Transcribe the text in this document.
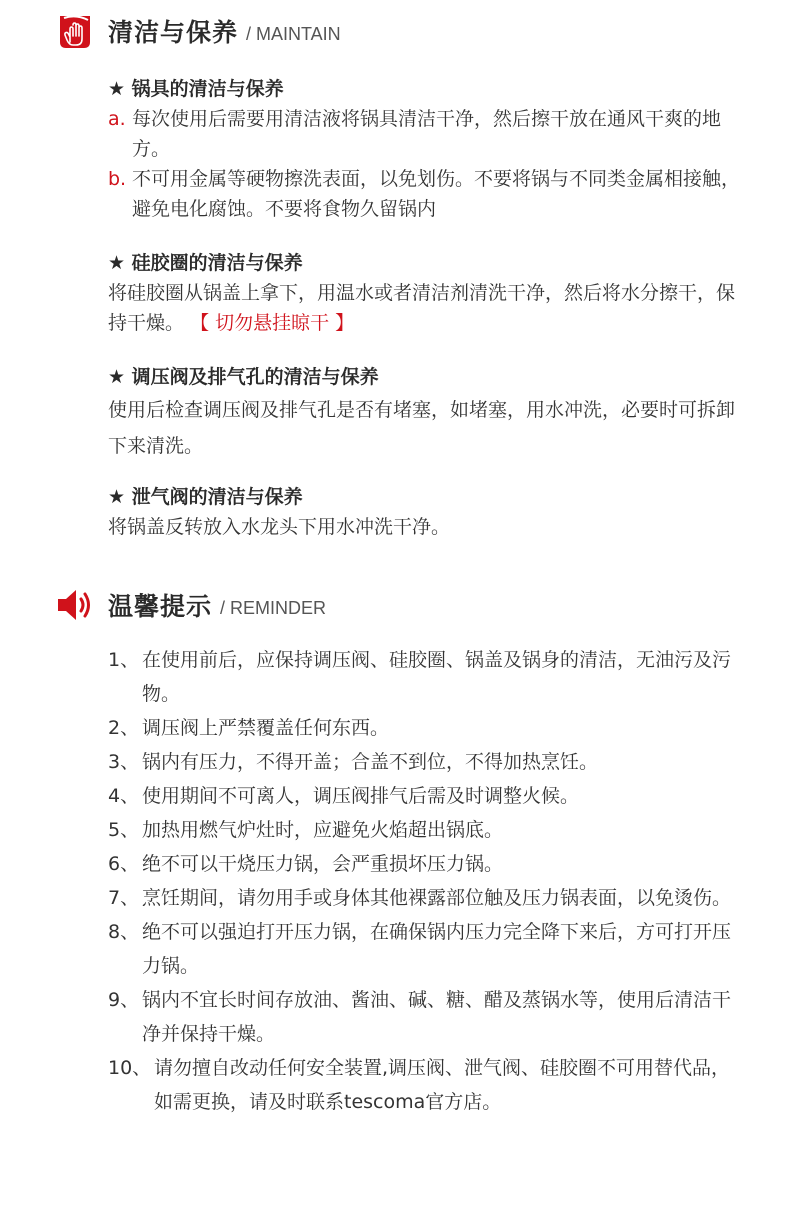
清洁与保养 / MAINTAIN
★ 锅具的清洁与保养
a. 每次使用后需要用清洁液将锅具清洁干净，然后擦干放在通风干爽的地方。
b. 不可用金属等硬物擦洗表面，以免划伤。不要将锅与不同类金属相接触，避免电化腐蚀。不要将食物久留锅内
★ 硅胶圈的清洁与保养
将硅胶圈从锅盖上拿下，用温水或者清洁剂清洗干净，然后将水分擦干，保持干燥。 【 切勿悬挂晾干 】
★ 调压阀及排气孔的清洁与保养
使用后检查调压阀及排气孔是否有堵塞，如堵塞，用水冲洗，必要时可拆卸下来清洗。
★ 泄气阀的清洁与保养
将锅盖反转放入水龙头下用水冲洗干净。
温馨提示 / REMINDER
1、 在使用前后，应保持调压阀、硅胶圈、锅盖及锅身的清洁，无油污及污物。
2、 调压阀上严禁覆盖任何东西。
3、 锅内有压力，不得开盖；合盖不到位，不得加热烹饪。
4、 使用期间不可离人，调压阀排气后需及时调整火候。
5、 加热用燃气炉灶时，应避免火焰超出锅底。
6、 绝不可以干烧压力锅，会严重损坏压力锅。
7、 烹饪期间，请勿用手或身体其他裸露部位触及压力锅表面，以免烫伤。
8、 绝不可以强迫打开压力锅，在确保锅内压力完全降下来后，方可打开压力锅。
9、 锅内不宜长时间存放油、酱油、碱、糖、醋及蒸锅水等，使用后清洁干净并保持干燥。
10、 请勿擅自改动任何安全装置,调压阀、泄气阀、硅胶圈不可用替代品，如需更换，请及时联系tescoma官方店。
